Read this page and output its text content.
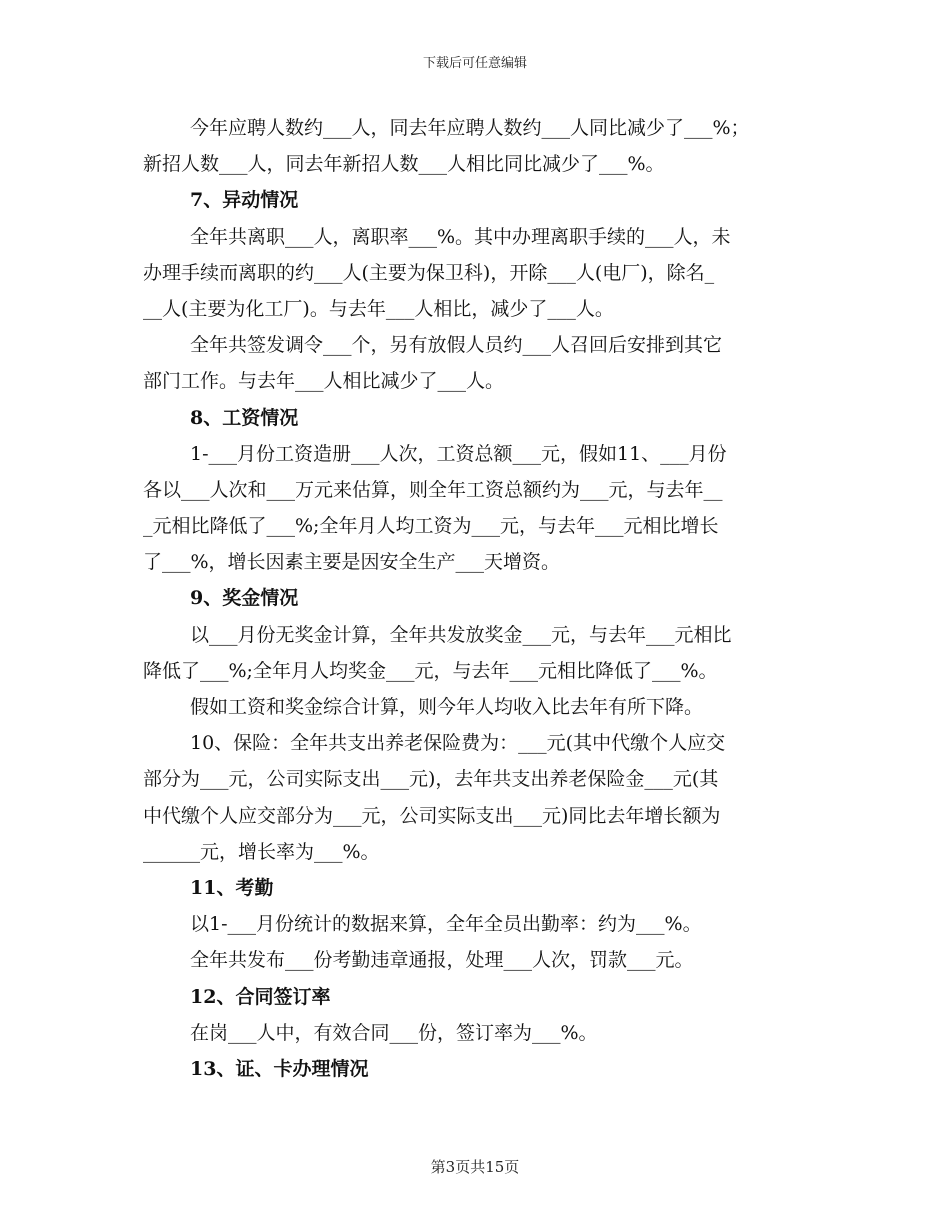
下载后可任意编辑
今年应聘人数约___人，同去年应聘人数约___人同比减少了___%；
新招人数___人，同去年新招人数___人相比同比减少了___%。
7、异动情况
全年共离职___人，离职率___%。其中办理离职手续的___人，未
办理手续而离职的约___人(主要为保卫科)，开除___人(电厂)，除名_
__人(主要为化工厂)。与去年___人相比，减少了___人。
全年共签发调令___个，另有放假人员约___人召回后安排到其它
部门工作。与去年___人相比减少了___人。
8、工资情况
1-___月份工资造册___人次，工资总额___元，假如11、___月份
各以___人次和___万元来估算，则全年工资总额约为___元，与去年__
_元相比降低了___%;全年月人均工资为___元，与去年___元相比增长
了___%，增长因素主要是因安全生产___天增资。
9、奖金情况
以___月份无奖金计算，全年共发放奖金___元，与去年___元相比
降低了___%;全年月人均奖金___元，与去年___元相比降低了___%。
假如工资和奖金综合计算，则今年人均收入比去年有所下降。
10、保险：全年共支出养老保险费为：___元(其中代缴个人应交
部分为___元，公司实际支出___元)，去年共支出养老保险金___元(其
中代缴个人应交部分为___元，公司实际支出___元)同比去年增长额为
______元，增长率为___%。
11、考勤
以1-___月份统计的数据来算，全年全员出勤率：约为___%。
全年共发布___份考勤违章通报，处理___人次，罚款___元。
12、合同签订率
在岗___人中，有效合同___份，签订率为___%。
13、证、卡办理情况
第3页共15页
